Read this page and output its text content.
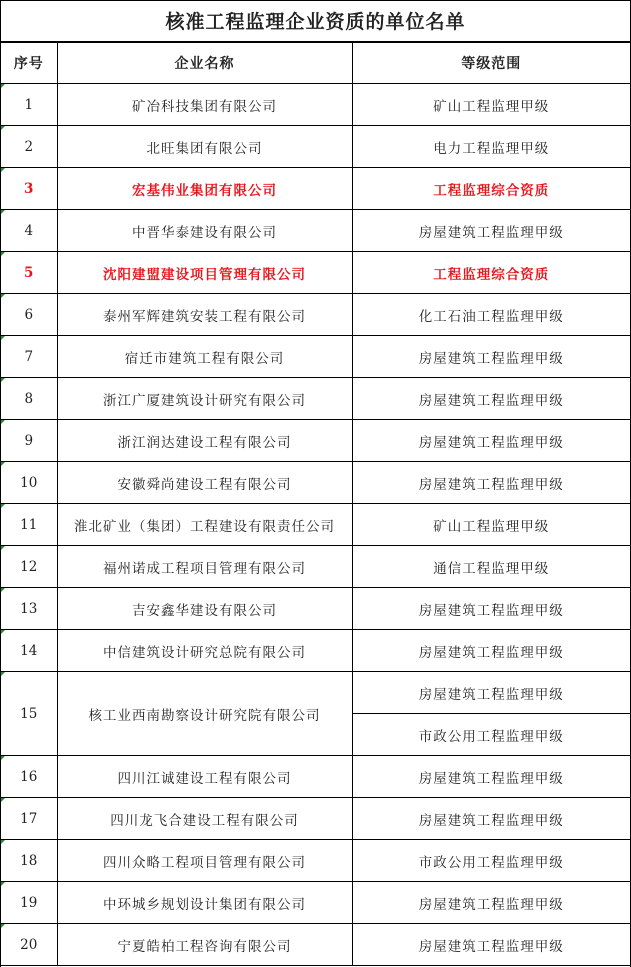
核准工程监理企业资质的单位名单
序号	企业名称	等级范围
1	矿冶科技集团有限公司	矿山工程监理甲级
2	北旺集团有限公司	电力工程监理甲级
3	宏基伟业集团有限公司	工程监理综合资质
4	中晋华泰建设有限公司	房屋建筑工程监理甲级
5	沈阳建盟建设项目管理有限公司	工程监理综合资质
6	泰州军辉建筑安装工程有限公司	化工石油工程监理甲级
7	宿迁市建筑工程有限公司	房屋建筑工程监理甲级
8	浙江广厦建筑设计研究有限公司	房屋建筑工程监理甲级
9	浙江润达建设工程有限公司	房屋建筑工程监理甲级
10	安徽舜尚建设工程有限公司	房屋建筑工程监理甲级
11	淮北矿业（集团）工程建设有限责任公司	矿山工程监理甲级
12	福州诺成工程项目管理有限公司	通信工程监理甲级
13	吉安鑫华建设有限公司	房屋建筑工程监理甲级
14	中信建筑设计研究总院有限公司	房屋建筑工程监理甲级
15	核工业西南勘察设计研究院有限公司	房屋建筑工程监理甲级
		市政公用工程监理甲级
16	四川江诚建设工程有限公司	房屋建筑工程监理甲级
17	四川龙飞合建设工程有限公司	房屋建筑工程监理甲级
18	四川众略工程项目管理有限公司	市政公用工程监理甲级
19	中环城乡规划设计集团有限公司	房屋建筑工程监理甲级
20	宁夏皓柏工程咨询有限公司	房屋建筑工程监理甲级
